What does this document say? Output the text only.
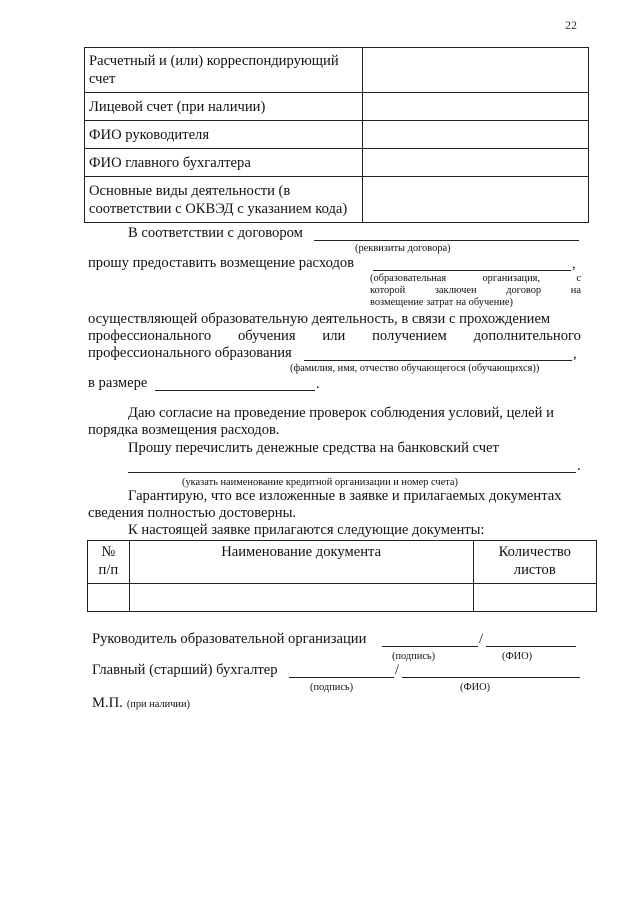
22
Расчетный и (или) корреспондирующий счет	
Лицевой счет (при наличии)	
ФИО руководителя	
ФИО главного бухгалтера	
Основные виды деятельности (в соответствии с ОКВЭД с указанием кода)	
В соответствии с договором
(реквизиты договора)
прошу предоставить возмещение расходов	,
(образовательная	организация,	с
которой	заключен	договор	на
возмещение затрат на обучение)
осуществляющей образовательную деятельность, в связи с прохождением
профессионального обучения или получением дополнительного
профессионального образования	,
(фамилия, имя, отчество обучающегося (обучающихся))
в размере	.
Даю согласие на проведение проверок соблюдения условий, целей и
порядка возмещения расходов.
Прошу перечислить денежные средства на банковский счет
.
(указать наименование кредитной организации и номер счета)
Гарантирую, что все изложенные в заявке и прилагаемых документах
сведения полностью достоверны.
К настоящей заявке прилагаются следующие документы:
№
п/п
	Наименование документа	Количество
листов

Руководитель образовательной организации	/
(подпись)	(ФИО)
Главный (старший) бухгалтер	/
(подпись)	(ФИО)
М.П. (при наличии)
